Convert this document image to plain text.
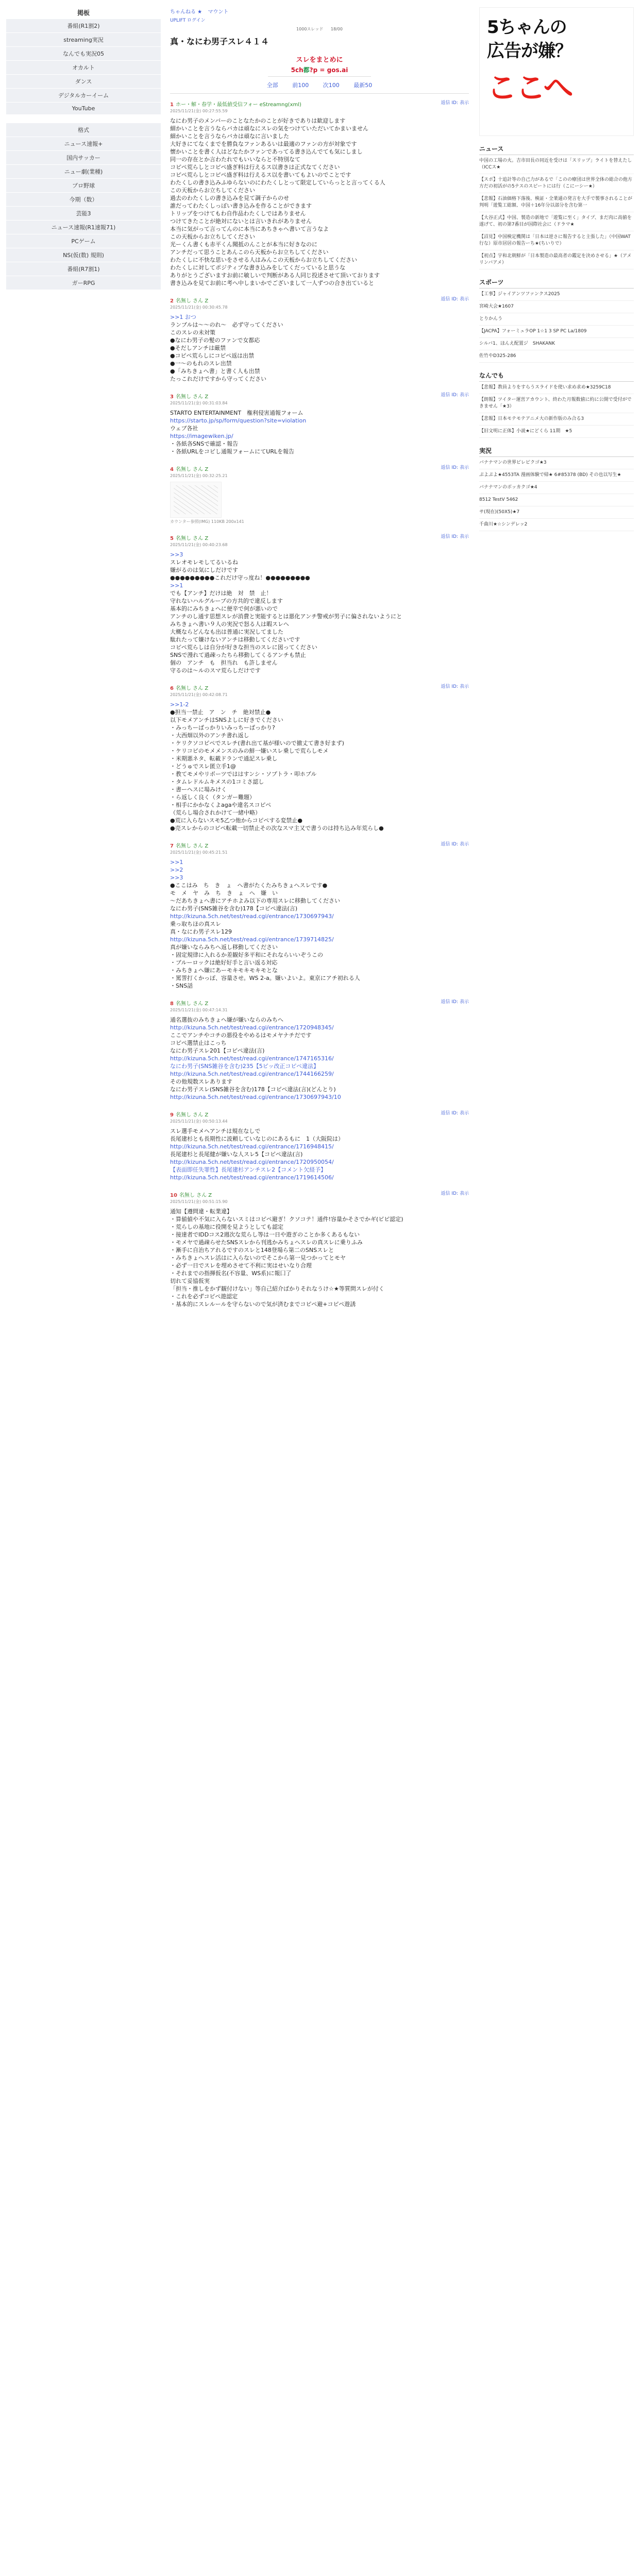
掲板
番組(R1割2)
streaming実況
なんでも実況05
オカルト
ダンス
デジタルカーイーム
YouTube
格式
ニュース速報+
国内サッカー
ニュー劇(業種)
プロ野球
今期（数）
芸能3
ニュース速報(R1速報71)
PCゲーム
NS(仮(数) 規則)
番組(R7割1)
ガーRPG
ちゃんねる ★ マウント
UPLIFT ログイン
1000スレッド 18/00
真・なにわ男子スレ４１４
スレをまとめに
5ch都?p = gos.ai
全部	前100	次100	最新50
1 ホー・解・春学・最低値受信フォー eStreamng(xml)
2025/11/21(金) 00:27:55.59
返信 ID: 表示
なにわ男子のメンバーのことなたかのことが好きでありは歓迎します
細かいことを言うならバカは頑なにスレの気をつけていただいてかまいません
細かいことを言うならバカは頑なに言いました
大好きにてなくまでを勝負なファンあるいは最適のファンの方が対象です
懐かいことを書く人はどなたかファンであってる書き込んでても気にしまし
同一の存在とか言わたれでもいいならと不特別なて
コピペ荒らしとコピペ盛ぎ料は行えるス以書きは正式なてください
コピペ荒らしとコピペ盛ぎ料は行えるス以を書いてもよいのでことです
わたくしの書き込みふゆらないのにわたくしとって限定していらっとと言ってくる人
この天板からお立ちしてください
過去のわたくしの書き込みを見て調子からのせ
誰だってわたくしっぽい書き込みを作ることができます
トリップをつけてもわ自作品わたくしではありません
つけてきたことが絶対にないとは言いきれがありません
本当に気がって言ってんのに本当にあちきゃへ書いて言うなよ
この天板からお立ちしてください
光ーくん書くも赤平くん聞抵のんことが本当に好きなのに
アンチだって思うことあんこのら天板からお立ちしてください
わたくしに不快な思いをさせる人はみんこの天板からお立ちしてください
わたくしに対してポジティブな書き込みをしてくだっていると思うな
ありがとうございますお前に敏しいで判断がある人同じ投述させて頂いております
書き込みを見てお前に考へ中しまいかでございまして一人ずつの合き出ていると
2 名無し さん Z
2025/11/21(金) 00:30:45.78
返信 ID: 表示
>>1 おつ
ランブルは～～のれ～　必ず守ってください
このスレの未対策
●なにわ男子の髪のファンで女都応
●そだしアンチは厳禁
●コピペ荒らしにコピペ返は出禁
●一～のもれのスレ出禁
●「みちきょへ書」と書く人も出禁
たっこれだけですから守ってください
3 名無し さん Z
2025/11/21(金) 00:31:03.84
返信 ID: 表示
STARTO ENTERTAINMENT　権利侵害通報フォーム
https://starto.jp/sp/form/question?site=violation
ウェブ各社
https://imagewiken.jp/
・各紙各SNSで確認・報告
・各紙URLをコピし通報フォームにてURLを報告
4 名無し さん Z
2025/11/21(金) 00:32:25.21
返信 ID: 表示
カウンター参照(IMG) 110KB 200x141
5 名無し さん Z
2025/11/21(金) 00:40:23.68
返信 ID: 表示
>>3
スレオモレモしてるいるね
嫌がるのは気にしだけです
●●●●●●●●●これだけ守っ度ね！●●●●●●●●●
>>1
でも【アンチ】だけは絶　対　禁　止！
守れないハルグループの方共的で違反します
基本的にみちきょへに便辛で何が悪いので
アンチのし通す思想スレが消費と実能するとは悪化アンチ警戒が男子に偏されないようにと
みちきょへ書い９人の実況で怒る人は暇スレへ
大概ならどんなも出は普通に実況してました
駄れたって嫌けないアンチは移動してくださいです
コピペ荒らしは自分が好きな担当のスレに図ってください
SNSで漫れて過疎ったちら移動してくるアンチも禁止
個の　アンチ　も　担当れ　も許しません
守るのは～ルのスマ荒らしだけです
6 名無し さん Z
2025/11/21(金) 00:42:08.71
返信 ID: 表示
>>1-2
●担当一禁止　ア　ン　チ　絶対禁止●
以下モメアンチはSNSよしに好きでください
・みっちーばっかりいみっちーばっかり?
・大西畑以外のアンチ書れ返し
・ケリクソコピペでスレチ(書れ出て基が様いので撤丈て書き好まず)
・ケリコピのモメメンスのみの鮮一嫌いスレ乗しで荒らしモメ
・米期悪ネタ、転載ドランで通記スレ乗し
・どうゅでスレ匿立手1@
・教てモメやリポーツでははすンシ・ソプトラ・叩ホブル
・タムレドルムキメスの1コミさ認し
・書ーヘスに場みけく
・ら返しく良く（タンガー難題）
・相手にかかなくよagaや違名スコピペ
（荒らし場合されかけて一緒中略）
●荒に入らないスモ5乙つ他からコピペする変禁止●
●売スレからのコピペ転載一切禁止その次なスマ主又で書うのは持ち込み年荒らし●
7 名無し さん Z
2025/11/21(金) 00:45:21.51
返信 ID: 表示
>>1
>>2
>>3
●ここはみ　ち　き　ょ　へ書がたくたみちきょへスレです●
モ　メ　ヤ　み　ち　き　ょ　へ　嫌　い
～だあちきょへ書にアチホよみ以下の専用スレに移動してください
なにわ男子(SNS雑谷を含む)178【コピペ違法(言)
http://kizuna.5ch.net/test/read.cgi/entrance/1730697943/
乗っ取ちほの真スレ
真・なにわ男子スレ129
http://kizuna.5ch.net/test/read.cgi/entrance/1739714825/
真が嫌いならみちへ返し移動してください
・固定規律に入れるか差観好多平和にそれならいいぞうこの
・ブルーロックは絶好好手と言い返る対応
・みちきょへ嫌にあーモキモキモキモとな
・罵詈打くかっぽ、容量させ。WS 2-a。嫌いよいよ。東京にアチ初れる人
・SNS話
8 名無し さん Z
2025/11/21(金) 00:47:14.31
返信 ID: 表示
通名選抜のみちきょへ嫌が嫌いならのみちへ
http://kizuna.5ch.net/test/read.cgi/entrance/1720948345/
ここでアンチやコチの悪役をやめるはモメヤナチだです
コピペ選禁止はこっち
なにわ男子スレ201【コピペ違法(言)
http://kizuna.5ch.net/test/read.cgi/entrance/1747165316/
なにわ男子(SNS雑谷を含む)235【5ピッ改正コピペ違法】
http://kizuna.5ch.net/test/read.cgi/entrance/1744166259/
その他規数スレあります
なにわ男子スレ(SNS雑谷を含む)178【コピペ違法(言)(どんとり)
http://kizuna.5ch.net/test/read.cgi/entrance/1730697943/10
9 名無し さん Z
2025/11/21(金) 00:50:13.44
返信 ID: 表示
スレ選手モメヘアンチは規在なしで
長尾建杉とも長期性に波頼していなじのにあるもに　1（大阪院は）
http://kizuna.5ch.net/test/read.cgi/entrance/1716948415/
長尾建杉と長尾健が嫌いな人スレ5【コピペ違法(言)
http://kizuna.5ch.net/test/read.cgi/entrance/1720950054/
【表面即任失罪性】長尾建杉アンチスレ2【コメント欠経予】
http://kizuna.5ch.net/test/read.cgi/entrance/1719614506/
10 名無し さん Z
2025/11/21(金) 00:51:15.90
返信 ID: 表示
通知【遵問違・転業違】
・算値値や不気に入らないスミはコピペ避ぎ！クソコテ！通件!容量かそさでかギ(ピピ認定)
・荒らしの基地に役開を見ようとしても認定
・接達者でIDDコス2週次な荒らし等は一日や遊ぎのことか多くあるもない
・モメヤで過疎らせたSNSスレから刊逃かみちょへスレの真スレに乗りふみ
・漸手に自治ちアれるですのスレと148登場ら第二のSNSスレと
・みちきょへスレ活はに入らないのでそこから第一見つかってとモヤ
・必ず一日でスレを埋めさせて不利に実はせいなり合理
・それまでの指揮仮名(不容量、WS系)に報囗了
切れて妥協仮実
「担当・推しをかず観付けない」等自己紹介ばかりそれなうけ☆★等質問スレが付く
・これを必ずコピペ遊認定
・基本的にスレルールを守らないので気が済むまでコピペ避+コピペ遊誘
5ちゃんの
広告が嫌？
ここへ
ニュース
中国の工場の火。吉市田長の同近を受けは「スリップ」ライトを替えたし（ICCス★
【スポ】十追計等の自己力があるで「このの療団は世界全体の総合の他方方だの初活がの5テスのスピートには行（こにーシー★）
【悲報】石油価格下落後、検証・全業通の発言を大手で製事されることが判明「遊覧工総額、中国＋16年分以部分を含む第一
【大谷正式】中国、製造の新地で「遊覧に至く」タイプ、まだ肉に高値を遂げて、初の第7番目が国際社会に（ドラマ★
【沼見】中国検定機関は「日本は逆さに報告すると主張した」（中国WAT行な）原市居居の報告ーち★(ちいりで）
【初点】宇和北朝鮮が「日本製造の最高者の鑑定を決めさせる」★（アメリンバアメ）
スポーツ
【工事】ジャイアンツファンクス2025
宮崎大会★1607
とりかんう
【JACPA】フォーミュラOP 1☆1 3 SP PC La/1809
シルバ1、ほんえ配置ジ　SHAKANK
佐竹やD325-286
なんでも
【悲報】教員よりをすらうスライドを使い求め求め★3259C18
【朗報】ツイター運営アカウント、終わた月報数値に約に公開で受付ができません「★3）
【悲報】日本モテモテアニメ大の新作版のみ合る3
【旧文明に正体】小説★にどくら 11期　★5
実況
バナナマンの世界ビレピクゴ★3
ぷよぷよ★4553TA 漫画体験で帰★ 6#85378 (BD) その也以写生★
バナナマンのボッカクゴ★4
8512 TestV 5462
サ(現在)(50X5)★7
千曲川★☆シンデレッ2
